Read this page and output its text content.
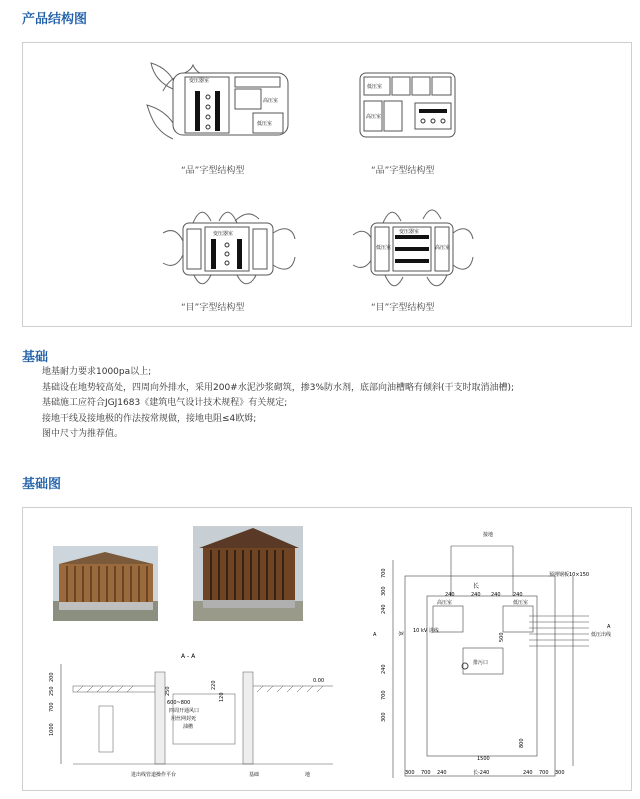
产品结构图
变压器室
高压室
低压室
低压室
高压室
变压器室	变压器室
低压室	高压室
“品”字型结构型	“品”字型结构型
“目”字型结构型	“目”字型结构型
基础
地基耐力要求1000pa以上;
基础设在地势较高处，四周向外排水，采用200#水泥沙浆砌筑，掺3%防水剂，底部向油槽略有倾斜(干支时取消油槽);
基础施工应符合JGJ1683《建筑电气设计技术规程》有关规定;
接地干线及接地极的作法按常规做，接地电阻≤4欧姆;
图中尺寸为推荐值。
基础图
A - A
200
250
700
1000
250
220
120
0.00
600~800
四周开通风口
用丝网封死
油槽
进出线管道操作平台	基础	地
接地
长
240	240 240 240
高压室	低压室
预埋钢板10×150
排污口
10 kV 进线
低压出线
A
A
宽
700
300
240
240
700
300
500
800
1500
300 700 240	长-240	240 700 300
